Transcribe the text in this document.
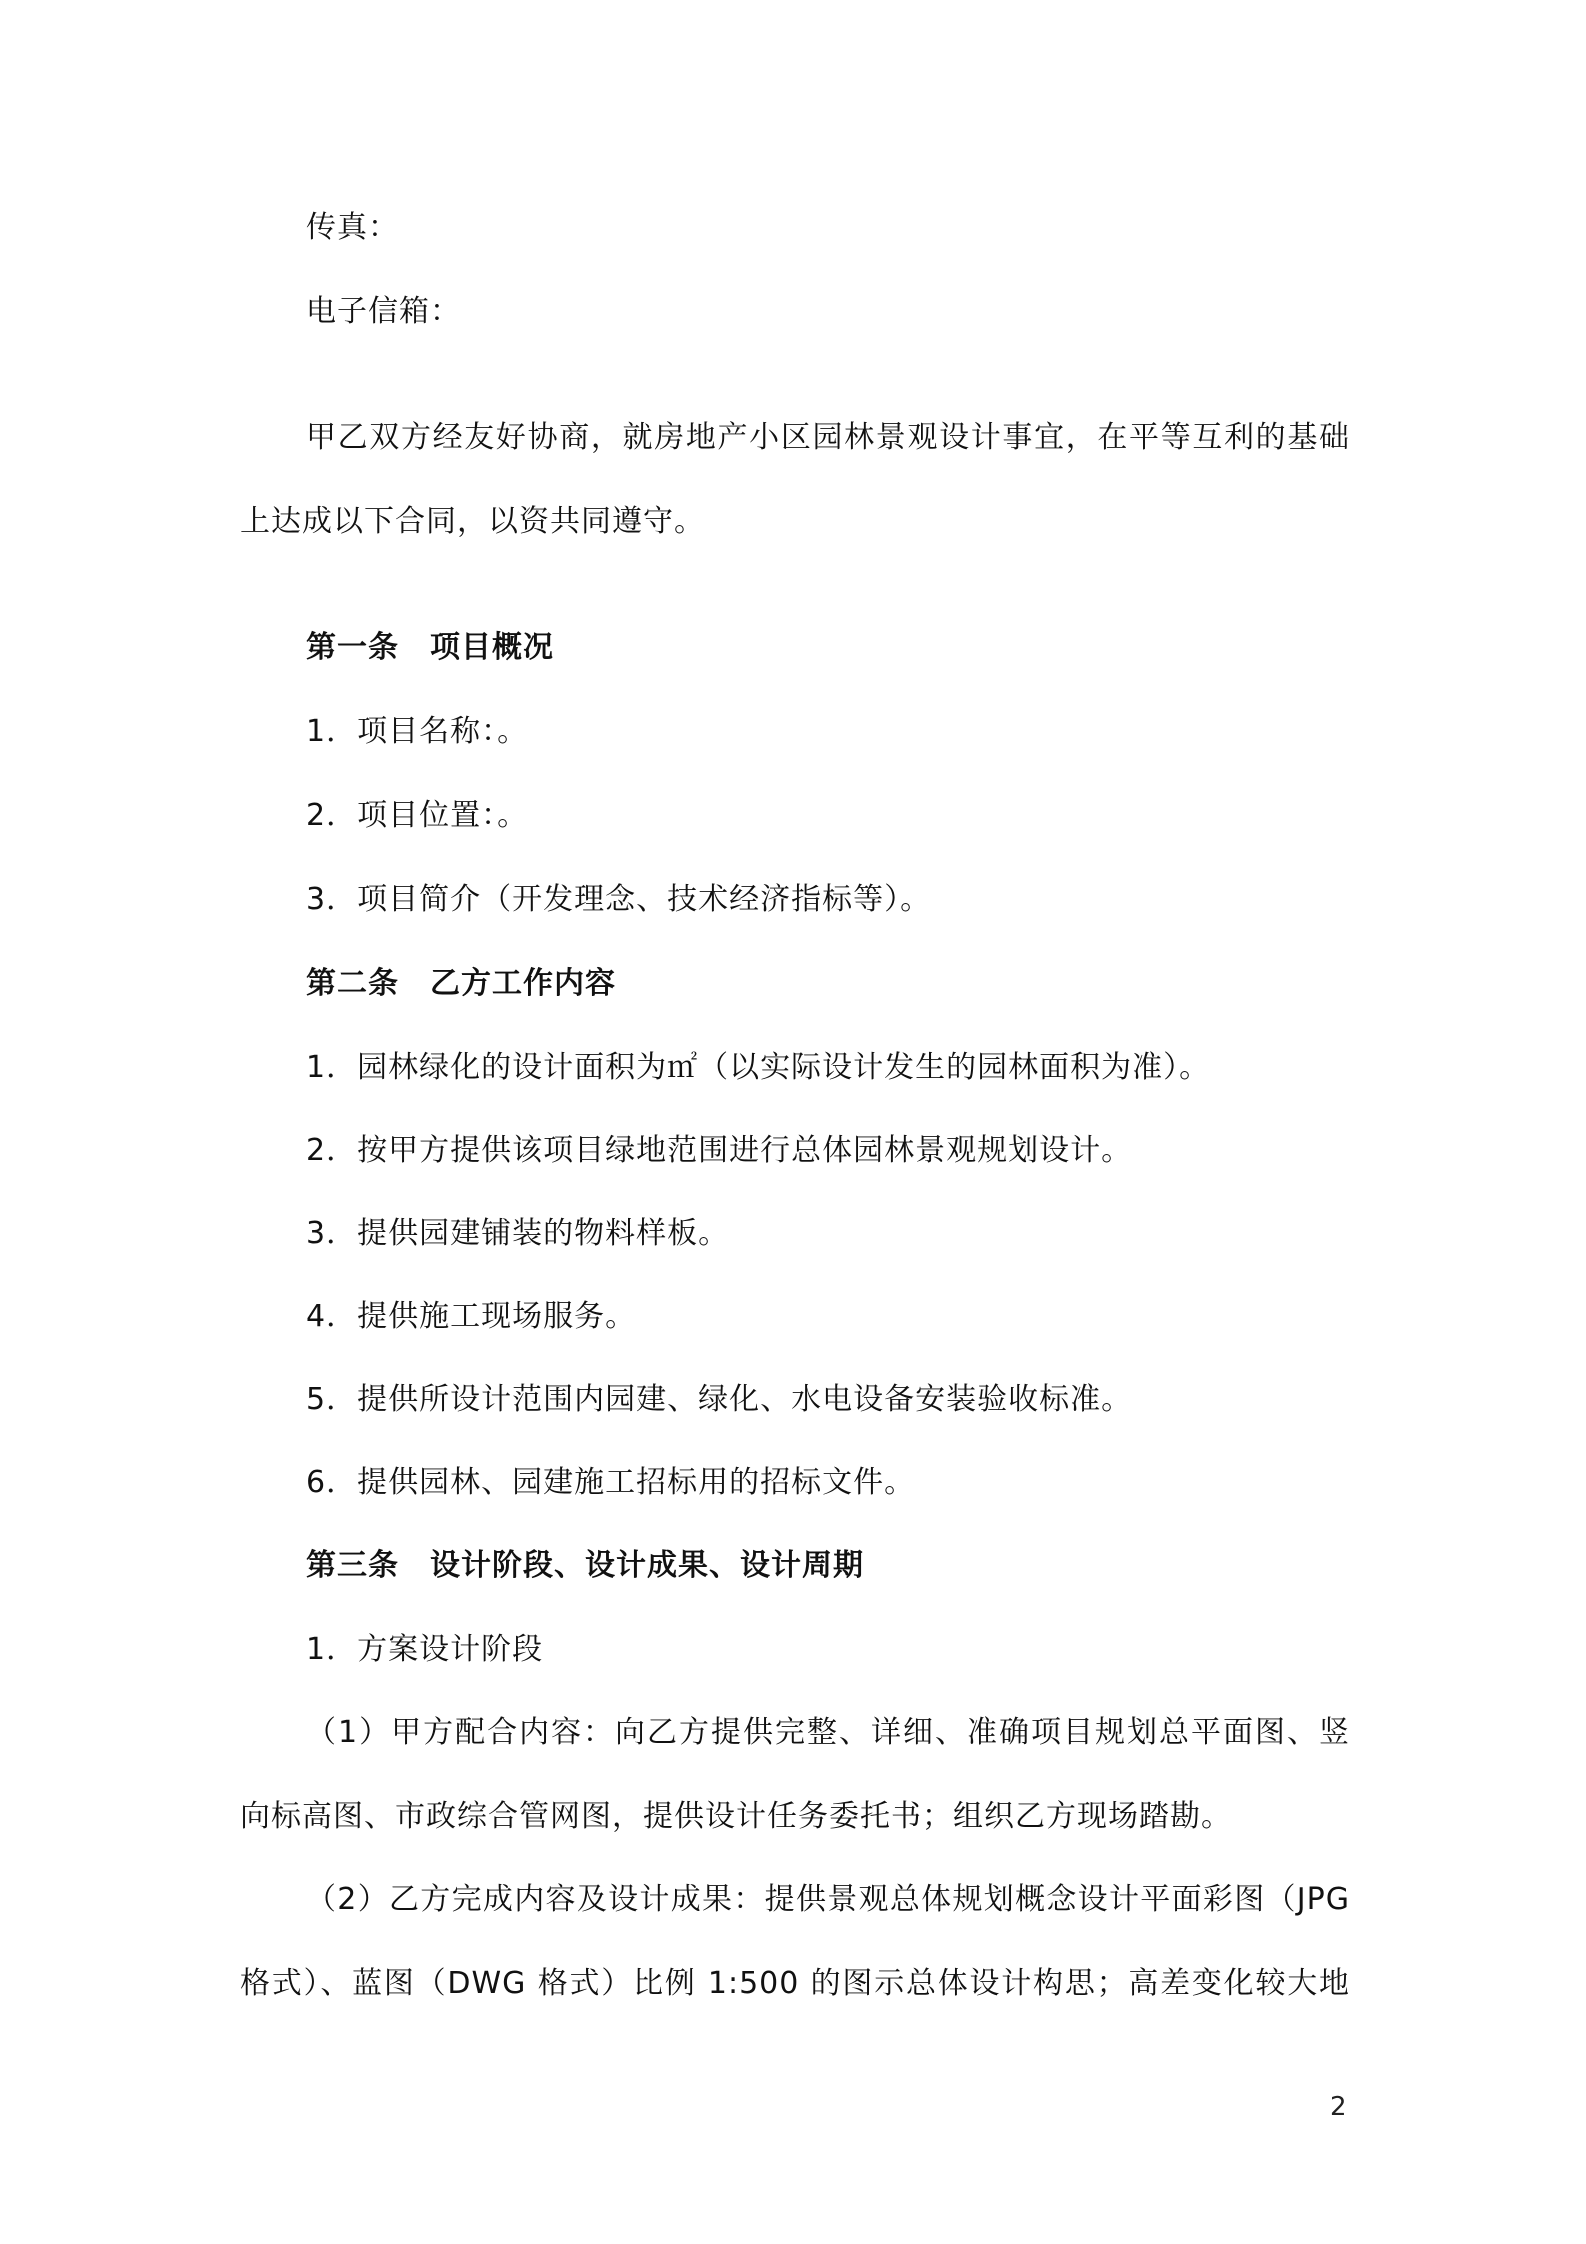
传真：
电子信箱：
甲乙双方经友好协商，就房地产小区园林景观设计事宜，在平等互利的基础
上达成以下合同，以资共同遵守。
第一条　项目概况
1．项目名称：。
2．项目位置：。
3．项目简介（开发理念、技术经济指标等）。
第二条　乙方工作内容
1．园林绿化的设计面积为㎡（以实际设计发生的园林面积为准）。
2．按甲方提供该项目绿地范围进行总体园林景观规划设计。
3．提供园建铺装的物料样板。
4．提供施工现场服务。
5．提供所设计范围内园建、绿化、水电设备安装验收标准。
6．提供园林、园建施工招标用的招标文件。
第三条　设计阶段、设计成果、设计周期
1．方案设计阶段
（1）甲方配合内容：向乙方提供完整、详细、准确项目规划总平面图、竖
向标高图、市政综合管网图，提供设计任务委托书；组织乙方现场踏勘。
（2）乙方完成内容及设计成果：提供景观总体规划概念设计平面彩图（JPG
格式）、蓝图（DWG 格式）比例 1:500 的图示总体设计构思；高差变化较大地
2
